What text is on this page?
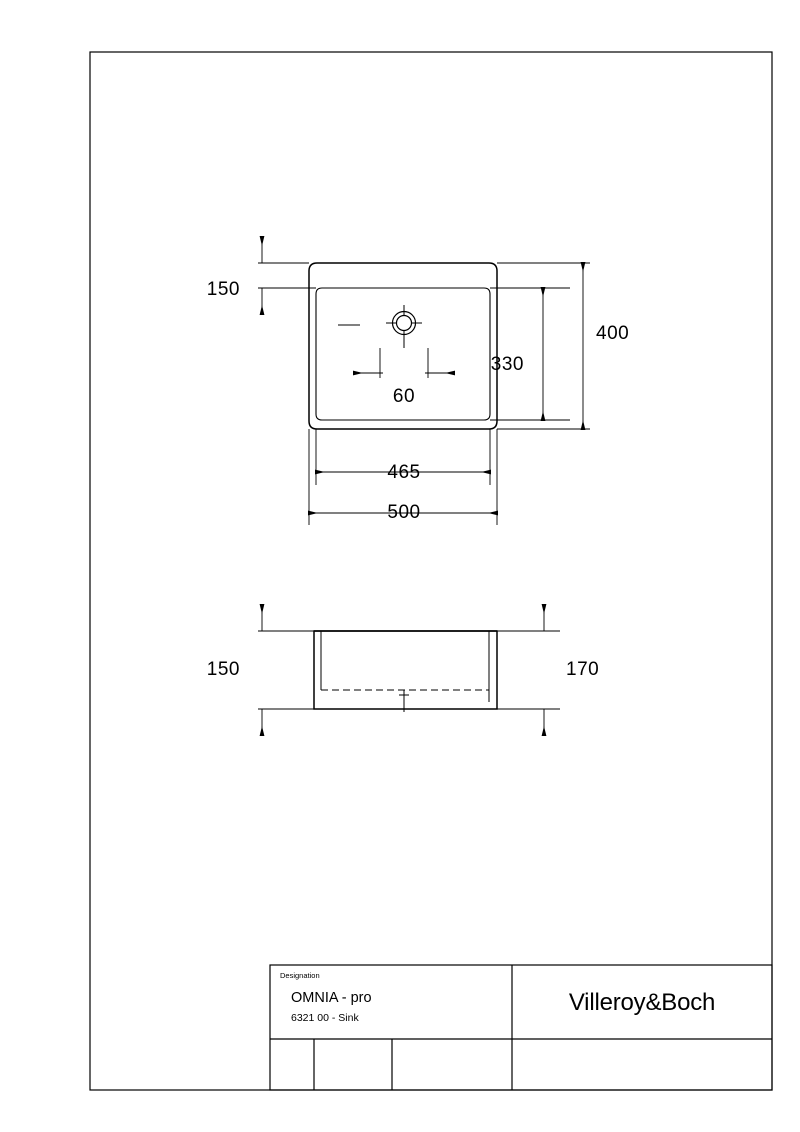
150
400
330
60
465
500
150	170
Designation
OMNIA - pro
6321 00 - Sink
Villeroy&Boch
